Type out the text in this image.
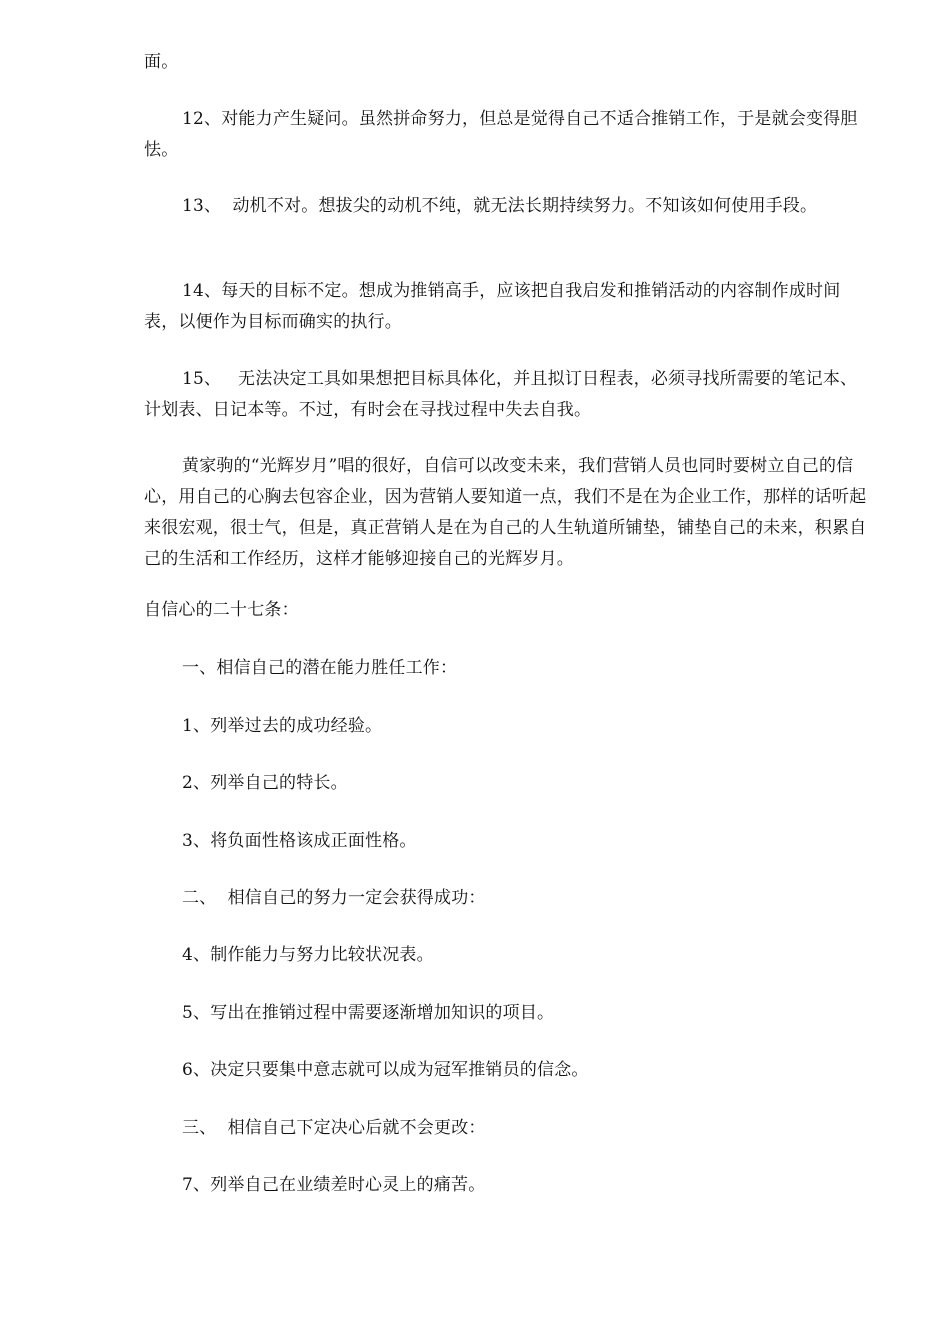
面。

12、对能力产生疑问。虽然拼命努力，但总是觉得自己不适合推销工作，于是就会变得胆怯。

13、  动机不对。想拔尖的动机不纯，就无法长期持续努力。不知该如何使用手段。

14、每天的目标不定。想成为推销高手，应该把自我启发和推销活动的内容制作成时间表，以便作为目标而确实的执行。

15、   无法决定工具如果想把目标具体化，并且拟订日程表，必须寻找所需要的笔记本、计划表、日记本等。不过，有时会在寻找过程中失去自我。

黄家驹的“光辉岁月”唱的很好，自信可以改变未来，我们营销人员也同时要树立自己的信心，用自己的心胸去包容企业，因为营销人要知道一点，我们不是在为企业工作，那样的话听起来很宏观，很士气，但是，真正营销人是在为自己的人生轨道所铺垫，铺垫自己的未来，积累自己的生活和工作经历，这样才能够迎接自己的光辉岁月。

自信心的二十七条：

一、相信自己的潜在能力胜任工作：

1、列举过去的成功经验。

2、列举自己的特长。

3、将负面性格该成正面性格。

二、  相信自己的努力一定会获得成功：

4、制作能力与努力比较状况表。

5、写出在推销过程中需要逐渐增加知识的项目。

6、决定只要集中意志就可以成为冠军推销员的信念。

三、  相信自己下定决心后就不会更改：

7、列举自己在业绩差时心灵上的痛苦。
